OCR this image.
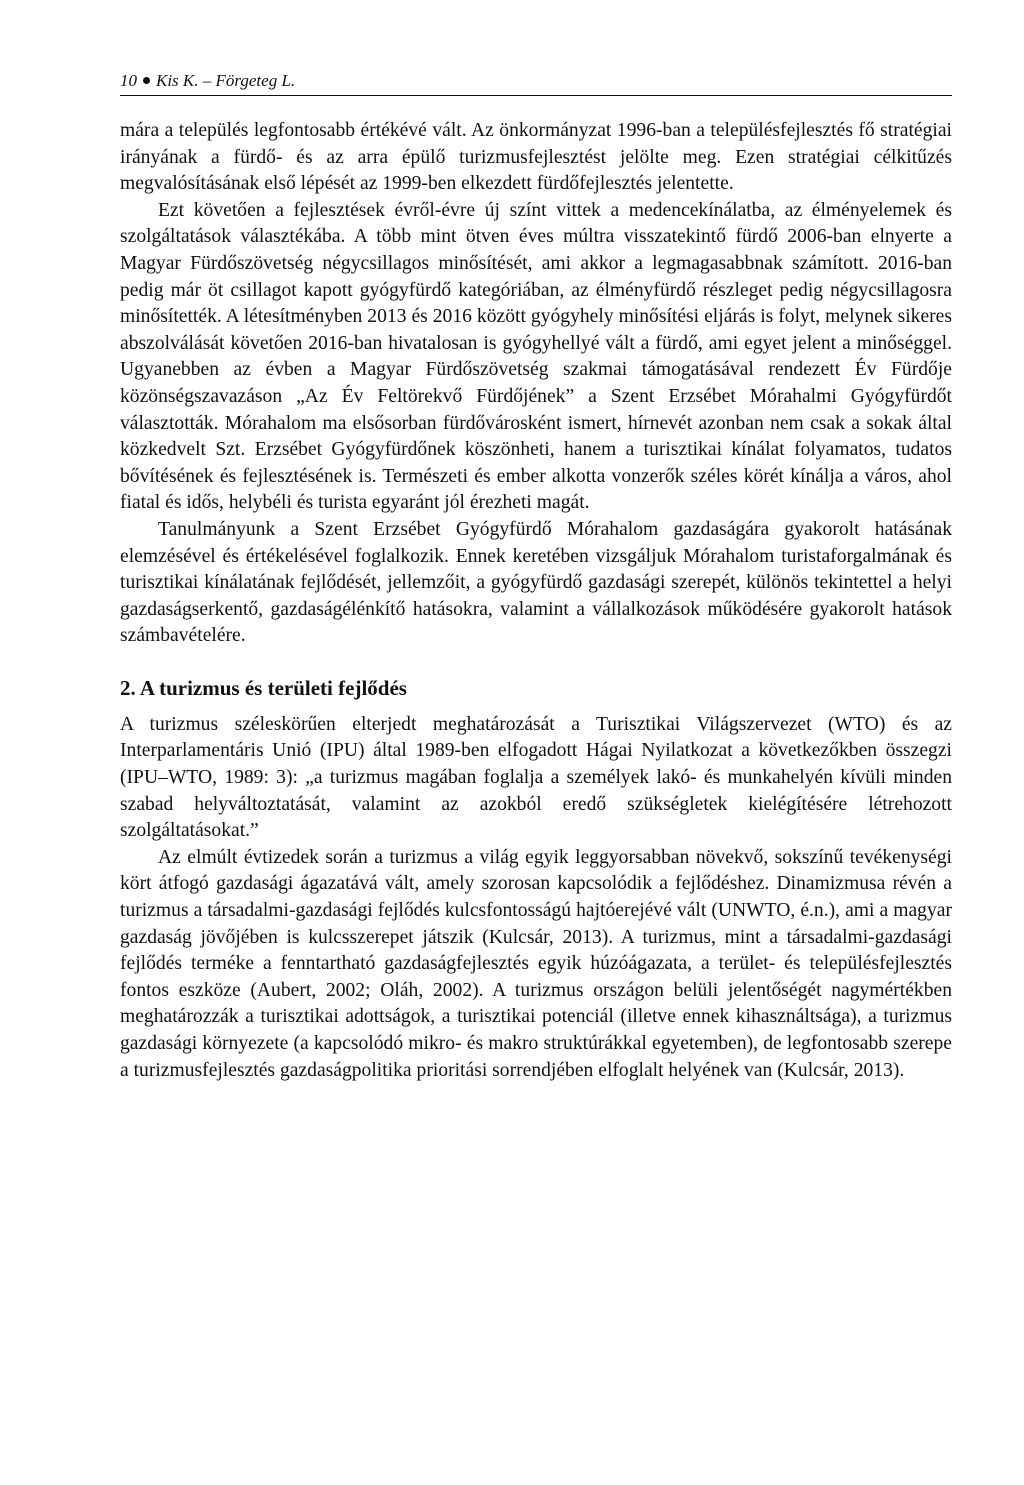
10 Kis K. – Förgeteg L.

mára a település legfontosabb értékévé vált. Az önkormányzat 1996-ban a településfejlesztés fő stratégiai irányának a fürdő- és az arra épülő turizmusfejlesztést jelölte meg. Ezen stratégiai célkitűzés megvalósításának első lépését az 1999-ben elkezdett fürdőfejlesztés jelentette.

Ezt követően a fejlesztések évről-évre új színt vittek a medencekínálatba, az élményelemek és szolgáltatások választékába. A több mint ötven éves múltra visszatekintő fürdő 2006-ban elnyerte a Magyar Fürdőszövetség négycsillagos minősítését, ami akkor a legmagasabbnak számított. 2016-ban pedig már öt csillagot kapott gyógyfürdő kategóriában, az élményfürdő részleget pedig négycsillagosra minősítették. A létesítményben 2013 és 2016 között gyógyhely minősítési eljárás is folyt, melynek sikeres abszolválását követően 2016-ban hivatalosan is gyógyhellyé vált a fürdő, ami egyet jelent a minőséggel. Ugyanebben az évben a Magyar Fürdőszövetség szakmai támogatásával rendezett Év Fürdője közönségszavazáson „Az Év Feltörekvő Fürdőjének” a Szent Erzsébet Mórahalmi Gyógyfürdőt választották. Mórahalom ma elsősorban fürdővárosként ismert, hírnevét azonban nem csak a sokak által közkedvelt Szt. Erzsébet Gyógyfürdőnek köszönheti, hanem a turisztikai kínálat folyamatos, tudatos bővítésének és fejlesztésének is. Természeti és ember alkotta vonzerők széles körét kínálja a város, ahol fiatal és idős, helybéli és turista egyaránt jól érezheti magát.

Tanulmányunk a Szent Erzsébet Gyógyfürdő Mórahalom gazdaságára gyakorolt hatásának elemzésével és értékelésével foglalkozik. Ennek keretében vizsgáljuk Mórahalom turistaforgalmának és turisztikai kínálatának fejlődését, jellemzőit, a gyógyfürdő gazdasági szerepét, különös tekintettel a helyi gazdaságserkentő, gazdaságélénkítő hatásokra, valamint a vállalkozások működésére gyakorolt hatások számbavételére.

2. A turizmus és területi fejlődés

A turizmus széleskörűen elterjedt meghatározását a Turisztikai Világszervezet (WTO) és az Interparlamentáris Unió (IPU) által 1989-ben elfogadott Hágai Nyilatkozat a következőkben összegzi (IPU–WTO, 1989: 3): „a turizmus magában foglalja a személyek lakó- és munkahelyén kívüli minden szabad helyváltoztatását, valamint az azokból eredő szükségletek kielégítésére létrehozott szolgáltatásokat.”

Az elmúlt évtizedek során a turizmus a világ egyik leggyorsabban növekvő, sokszínű tevékenységi kört átfogó gazdasági ágazatává vált, amely szorosan kapcsolódik a fejlődéshez. Dinamizmusa révén a turizmus a társadalmi-gazdasági fejlődés kulcsfontosságú hajtóerejévé vált (UNWTO, é.n.), ami a magyar gazdaság jövőjében is kulcsszerepet játszik (Kulcsár, 2013). A turizmus, mint a társadalmi-gazdasági fejlődés terméke a fenntartható gazdaságfejlesztés egyik húzóágazata, a terület- és településfejlesztés fontos eszköze (Aubert, 2002; Oláh, 2002). A turizmus országon belüli jelentőségét nagymértékben meghatározzák a turisztikai adottságok, a turisztikai potenciál (illetve ennek kihasználtsága), a turizmus gazdasági környezete (a kapcsolódó mikro- és makro struktúrákkal egyetemben), de legfontosabb szerepe a turizmusfejlesztés gazdaságpolitika prioritási sorrendjében elfoglalt helyének van (Kulcsár, 2013).
